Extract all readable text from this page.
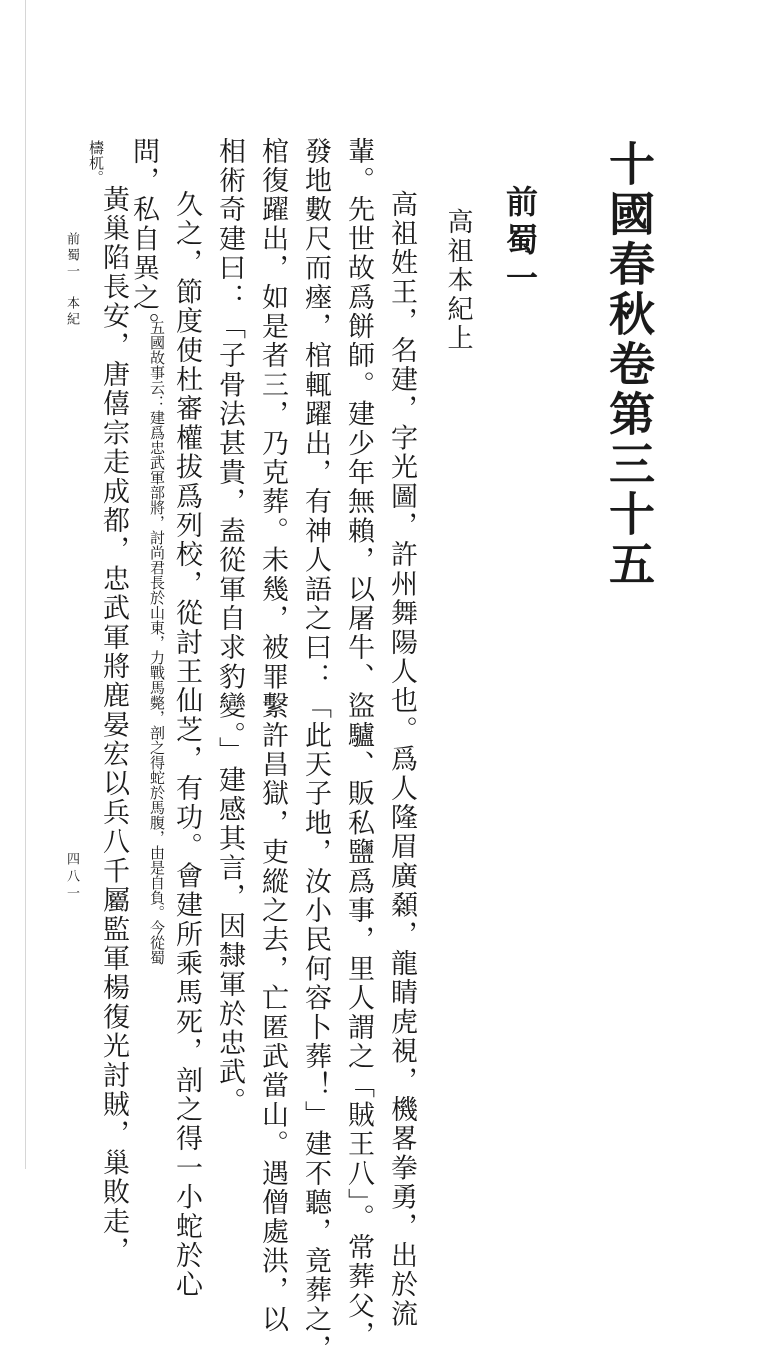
十國春秋卷第三十五
前蜀一
高祖本紀上
高祖姓王，名建，字光圖，許州舞陽人也。爲人隆眉廣顙，龍睛虎視，機畧拳勇，出於流
輩。先世故爲餅師。建少年無賴，以屠牛、盜驢、販私鹽爲事，里人謂之「賊王八」。常葬父，
發地數尺而瘞，棺輒躍出，有神人語之曰：「此天子地，汝小民何容卜葬！」建不聽，竟葬之，
棺復躍出，如是者三，乃克葬。未幾，被罪繫許昌獄，吏縱之去，亡匿武當山。遇僧處洪，以
相術奇建曰：「子骨法甚貴，盍從軍自求豹變。」建感其言，因隸軍於忠武。
久之，節度使杜審權拔爲列校，從討王仙芝，有功。會建所乘馬死，剖之得一小蛇於心
問，私自異之。
五國故事云：建爲忠武軍部將，討尚君長於山東，力戰馬斃，剖之得蛇於馬腹，由是自負。今從蜀
檮杌。
黃巢陷長安，唐僖宗走成都，忠武軍將鹿晏宏以兵八千屬監軍楊復光討賊，巢敗走，
前蜀一　本紀
四八一
